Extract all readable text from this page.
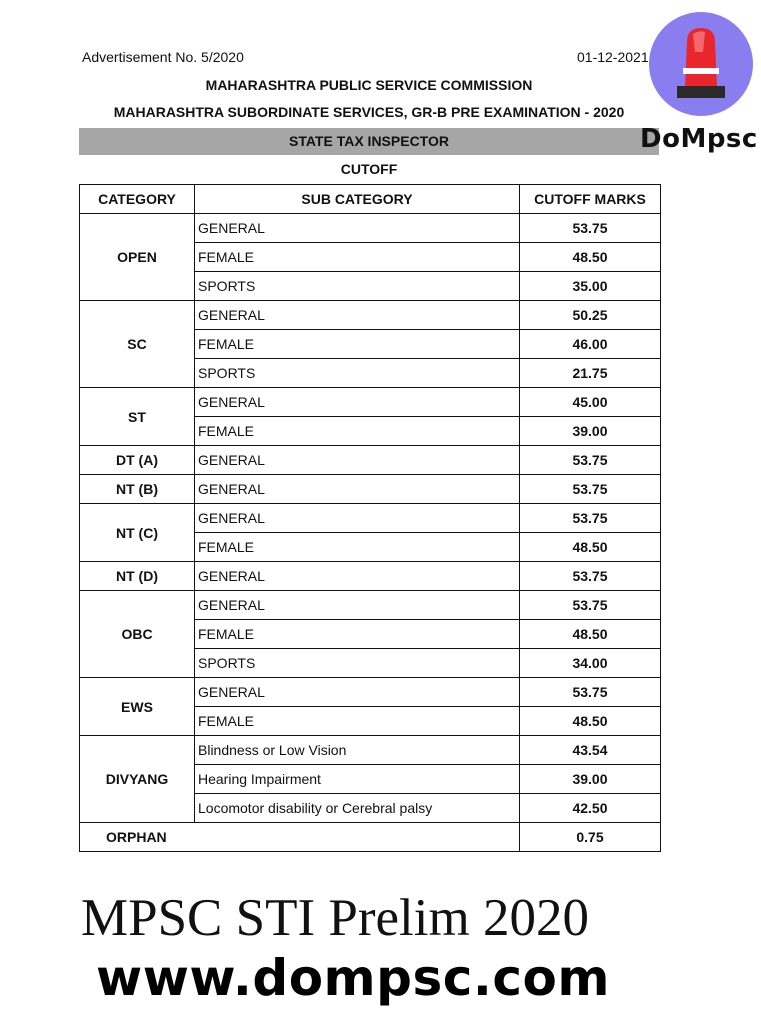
Advertisement No. 5/2020	01-12-2021
MAHARASHTRA PUBLIC SERVICE COMMISSION
MAHARASHTRA SUBORDINATE SERVICES, GR-B PRE EXAMINATION - 2020
STATE TAX INSPECTOR
CUTOFF
CATEGORY	SUB CATEGORY	CUTOFF MARKS
OPEN	GENERAL	53.75
	FEMALE	48.50
	SPORTS	35.00
SC	GENERAL	50.25
	FEMALE	46.00
	SPORTS	21.75
ST	GENERAL	45.00
	FEMALE	39.00
DT (A)	GENERAL	53.75
NT (B)	GENERAL	53.75
NT (C)	GENERAL	53.75
	FEMALE	48.50
NT (D)	GENERAL	53.75
OBC	GENERAL	53.75
	FEMALE	48.50
	SPORTS	34.00
EWS	GENERAL	53.75
	FEMALE	48.50
DIVYANG	Blindness or Low Vision	43.54
	Hearing Impairment	39.00
	Locomotor disability or Cerebral palsy	42.50
ORPHAN		0.75
DoMpsc
MPSC STI Prelim 2020
www.dompsc.com
